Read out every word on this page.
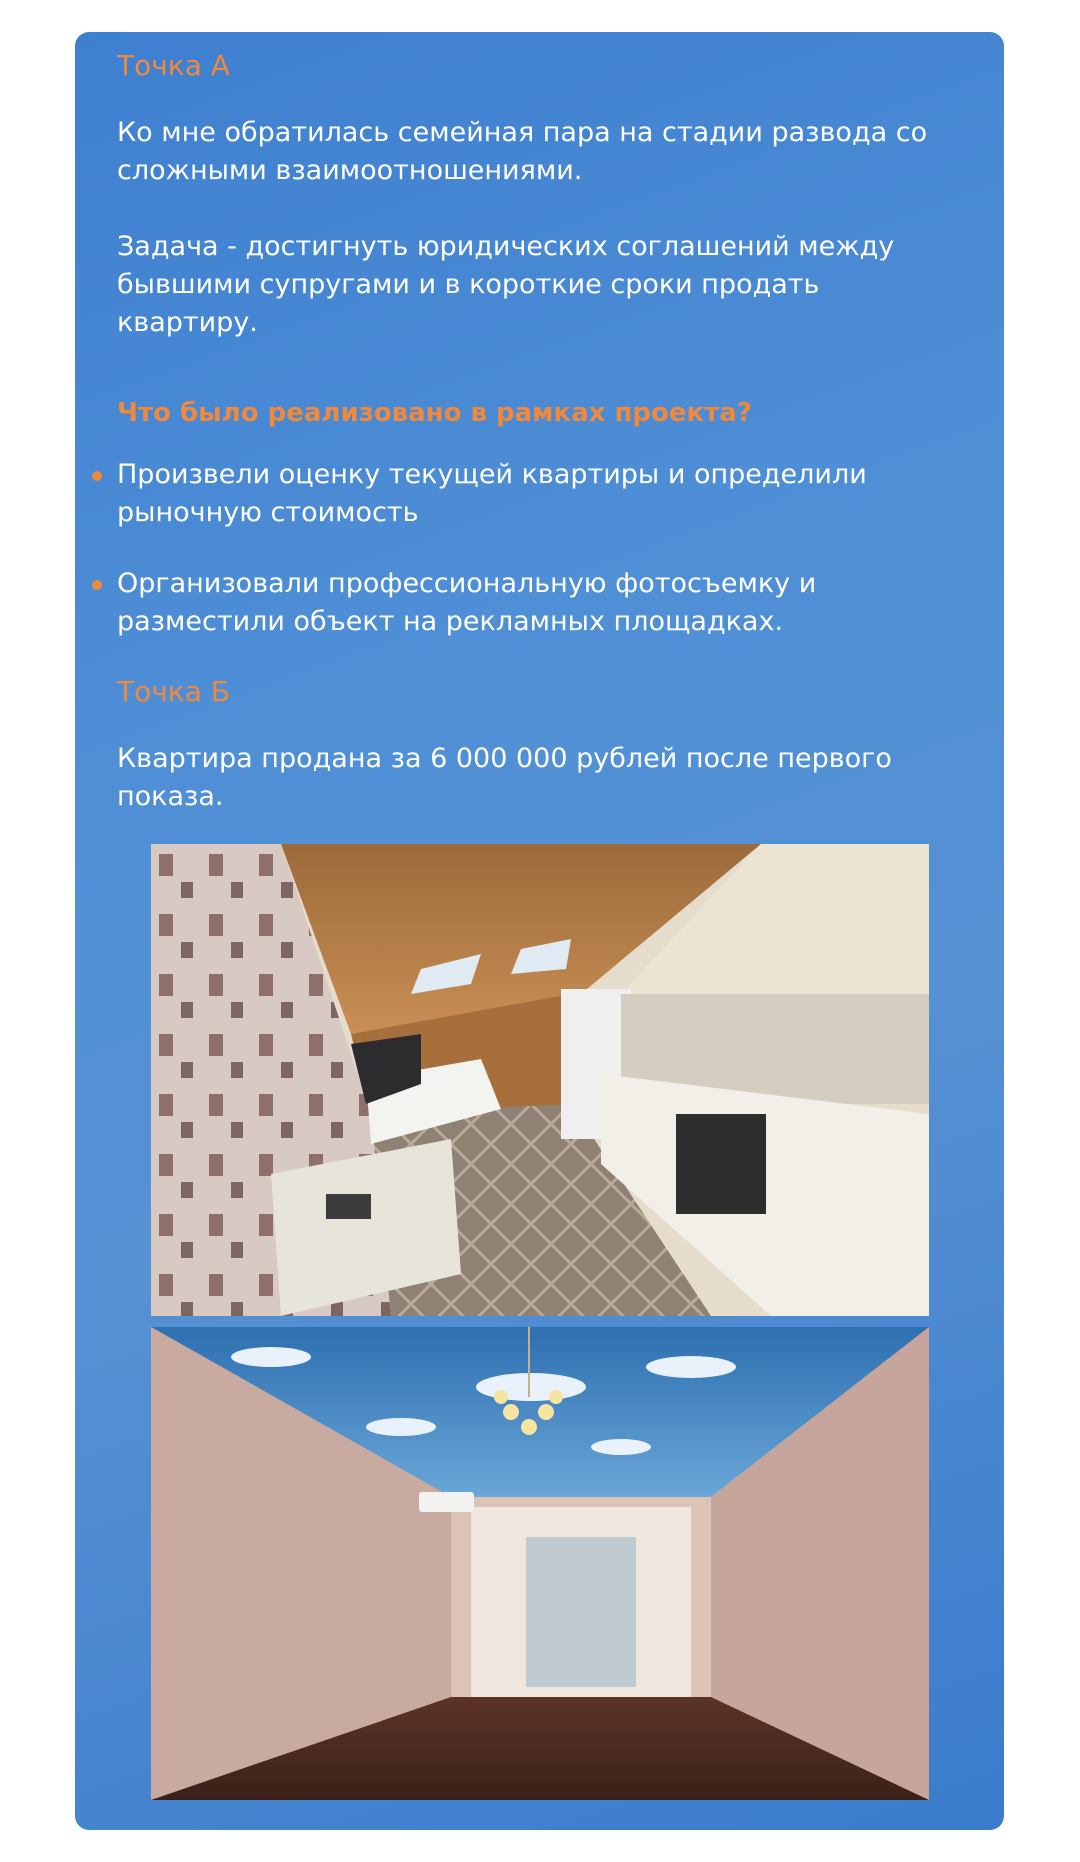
Точка А

Ко мне обратилась семейная пара на стадии развода со сложными взаимоотношениями.

Задача - достигнуть юридических соглашений между бывшими супругами и в короткие сроки продать квартиру.

Что было реализовано в рамках проекта?
Произвели оценку текущей квартиры и определили рыночную стоимость
Организовали профессиональную фотосъемку и разместили объект на рекламных площадках.
Точка Б

Квартира продана за 6 000 000 рублей после первого показа.
